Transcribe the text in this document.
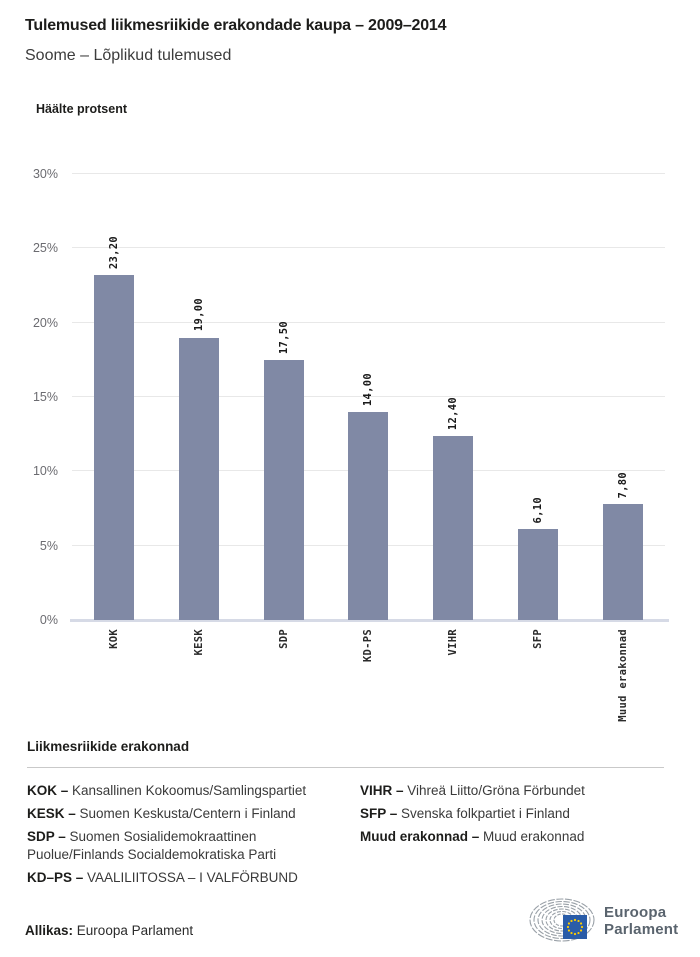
Tulemused liikmesriikide erakondade kaupa – 2009–2014
Soome – Lõplikud tulemused
Häälte protsent
0%
5%
10%
15%
20%
25%
30%
23,20
KOK
19,00
KESK
17,50
SDP
14,00
KD-PS
12,40
VIHR
6,10
SFP
7,80
Muud erakonnad
Liikmesriikide erakonnad
KOK – Kansallinen Kokoomus/Samlingspartiet
KESK – Suomen Keskusta/Centern i Finland
SDP – Suomen Sosialidemokraattinen Puolue/Finlands Socialdemokratiska Parti
KD–PS – VAALILIITOSSA – I VALFÖRBUND
VIHR – Vihreä Liitto/Gröna Förbundet
SFP – Svenska folkpartiet i Finland
Muud erakonnad – Muud erakonnad
Allikas: Euroopa Parlament
Euroopa
Parlament
